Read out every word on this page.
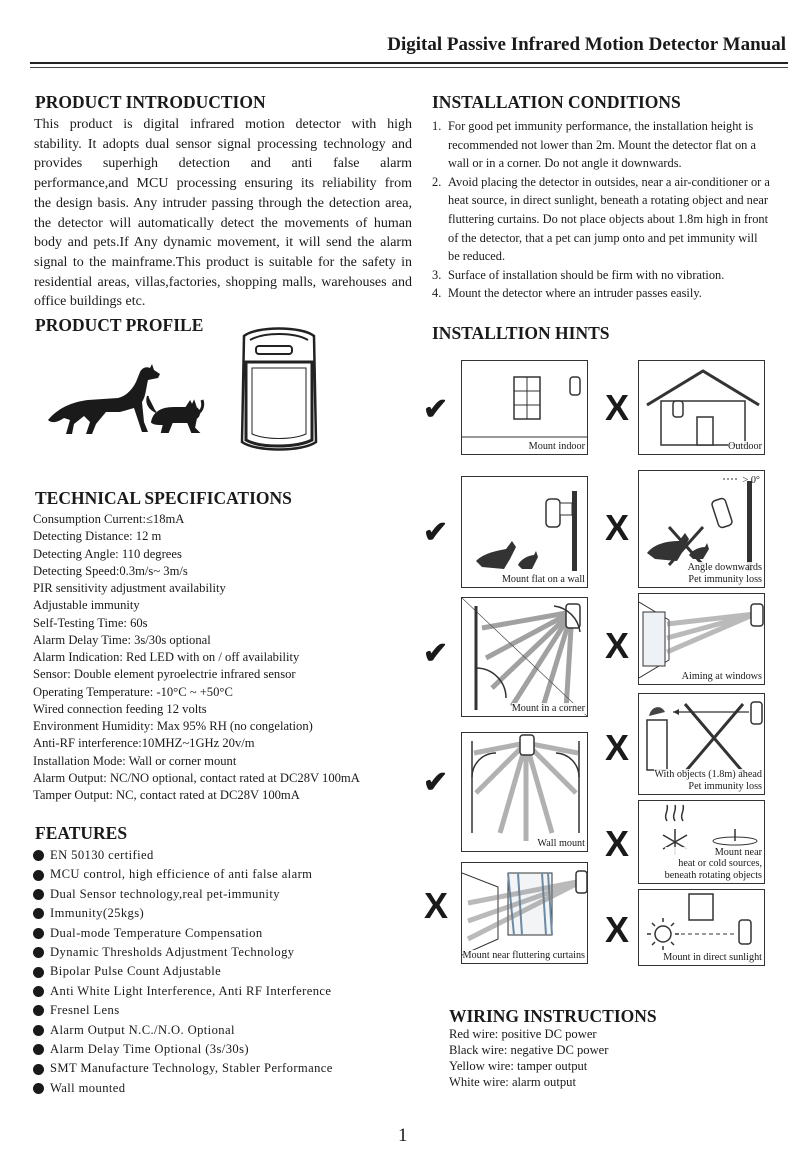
Digital Passive Infrared Motion Detector Manual
PRODUCT INTRODUCTION
This product is digital infrared motion detector with high
stability. It adopts dual sensor signal processing technology and
provides superhigh detection and anti false alarm
performance,and MCU processing ensuring its reliability from
the design basis. Any intruder passing through the detection area,
the detector will automatically detect the movements of human
body and pets.If Any dynamic movement, it will send the alarm
signal to the mainframe.This product is suitable for the safety in
residential areas, villas,factories, shopping malls, warehouses and
office buildings etc.
PRODUCT PROFILE
TECHNICAL SPECIFICATIONS
Consumption Current:≤18mA
Detecting Distance: 12 m
Detecting Angle: 110 degrees
Detecting Speed:0.3m/s~ 3m/s
PIR sensitivity adjustment availability
Adjustable immunity
Self-Testing Time: 60s
Alarm Delay Time: 3s/30s optional
Alarm Indication: Red LED with on / off availability
Sensor: Double element pyroelectrie infrared sensor
Operating Temperature: -10°C ~ +50°C
Wired connection feeding 12 volts
Environment Humidity: Max 95% RH (no congelation)
Anti-RF interference:10MHZ~1GHz 20v/m
Installation Mode: Wall or corner mount
Alarm Output: NC/NO optional, contact rated at DC28V 100mA
Tamper Output: NC, contact rated at DC28V 100mA
FEATURES
EN 50130 certified
MCU control, high efficience of anti false alarm
Dual Sensor technology,real pet-immunity
Immunity(25kgs)
Dual-mode Temperature Compensation
Dynamic Thresholds Adjustment Technology
Bipolar Pulse Count Adjustable
Anti White Light Interference, Anti RF Interference
Fresnel Lens
Alarm Output N.C./N.O. Optional
Alarm Delay Time Optional (3s/30s)
SMT Manufacture Technology, Stabler Performance
Wall mounted
INSTALLATION CONDITIONS
1. For good pet immunity performance, the installation height is recommended not lower than 2m. Mount the detector flat on a wall or in a corner. Do not angle it downwards.
2. Avoid placing the detector in outsides, near a air-conditioner or a heat source, in direct sunlight, beneath a rotating object and near fluttering curtains. Do not place objects about 1.8m high in front of the detector, that a pet can jump onto and pet immunity will be reduced.
3. Surface of installation should be firm with no vibration.
4. Mount the detector where an intruder passes easily.
INSTALLTION HINTS
✔
Mount indoor
X
Outdoor
✔
Mount flat on a wall
X
> 0°
Angle downwards
Pet immunity loss
✔
Mount in a corner
X
Aiming at windows
✔
Wall mount
X
With objects (1.8m) ahead
Pet immunity loss
X	Mount near
heat or cold sources,
beneath rotating objects
X
Mount near fluttering curtains
X
Mount in direct sunlight
WIRING INSTRUCTIONS
Red wire: positive DC power
Black wire: negative DC power
Yellow wire: tamper output
White wire: alarm output
1
